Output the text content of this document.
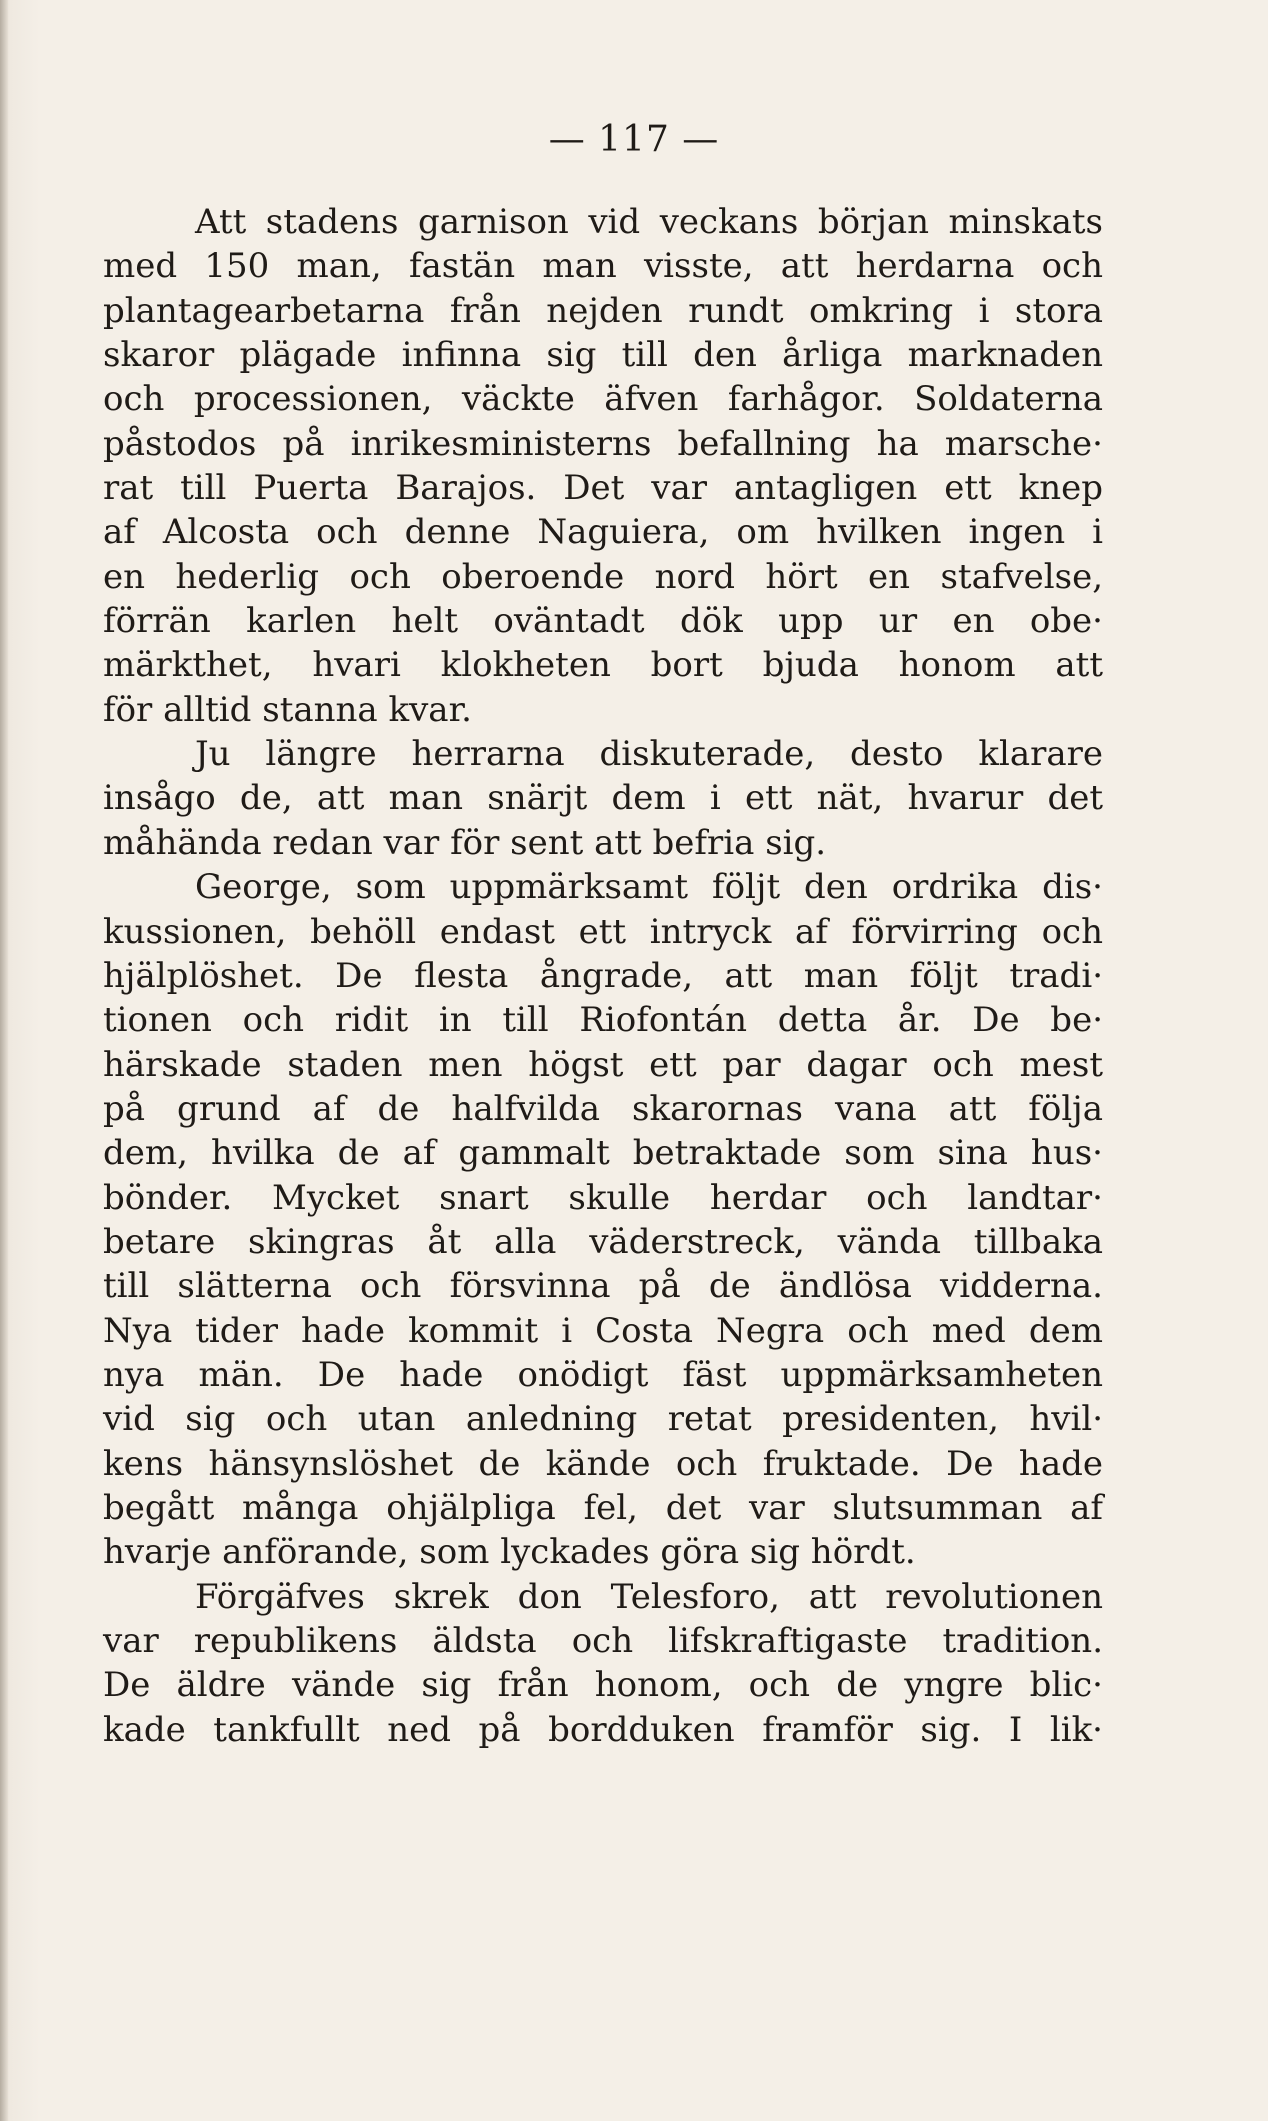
— 117 —
Att stadens garnison vid veckans början minskats
med 150 man, fastän man visste, att herdarna och
plantagearbetarna från nejden rundt omkring i stora
skaror plägade infinna sig till den årliga marknaden
och processionen, väckte äfven farhågor. Soldaterna
påstodos på inrikesministerns befallning ha marsche·
rat till Puerta Barajos. Det var antagligen ett knep
af Alcosta och denne Naguiera, om hvilken ingen i
en hederlig och oberoende nord hört en stafvelse,
förrän karlen helt oväntadt dök upp ur en obe·
märkthet, hvari klokheten bort bjuda honom att
för alltid stanna kvar.
Ju längre herrarna diskuterade, desto klarare
insågo de, att man snärjt dem i ett nät, hvarur det
måhända redan var för sent att befria sig.
George, som uppmärksamt följt den ordrika dis·
kussionen, behöll endast ett intryck af förvirring och
hjälplöshet. De flesta ångrade, att man följt tradi·
tionen och ridit in till Riofontán detta år. De be·
härskade staden men högst ett par dagar och mest
på grund af de halfvilda skarornas vana att följa
dem, hvilka de af gammalt betraktade som sina hus·
bönder. Mycket snart skulle herdar och landtar·
betare skingras åt alla väderstreck, vända tillbaka
till slätterna och försvinna på de ändlösa vidderna.
Nya tider hade kommit i Costa Negra och med dem
nya män. De hade onödigt fäst uppmärksamheten
vid sig och utan anledning retat presidenten, hvil·
kens hänsynslöshet de kände och fruktade. De hade
begått många ohjälpliga fel, det var slutsumman af
hvarje anförande, som lyckades göra sig hördt.
Förgäfves skrek don Telesforo, att revolutionen
var republikens äldsta och lifskraftigaste tradition.
De äldre vände sig från honom, och de yngre blic·
kade tankfullt ned på bordduken framför sig. I lik·
